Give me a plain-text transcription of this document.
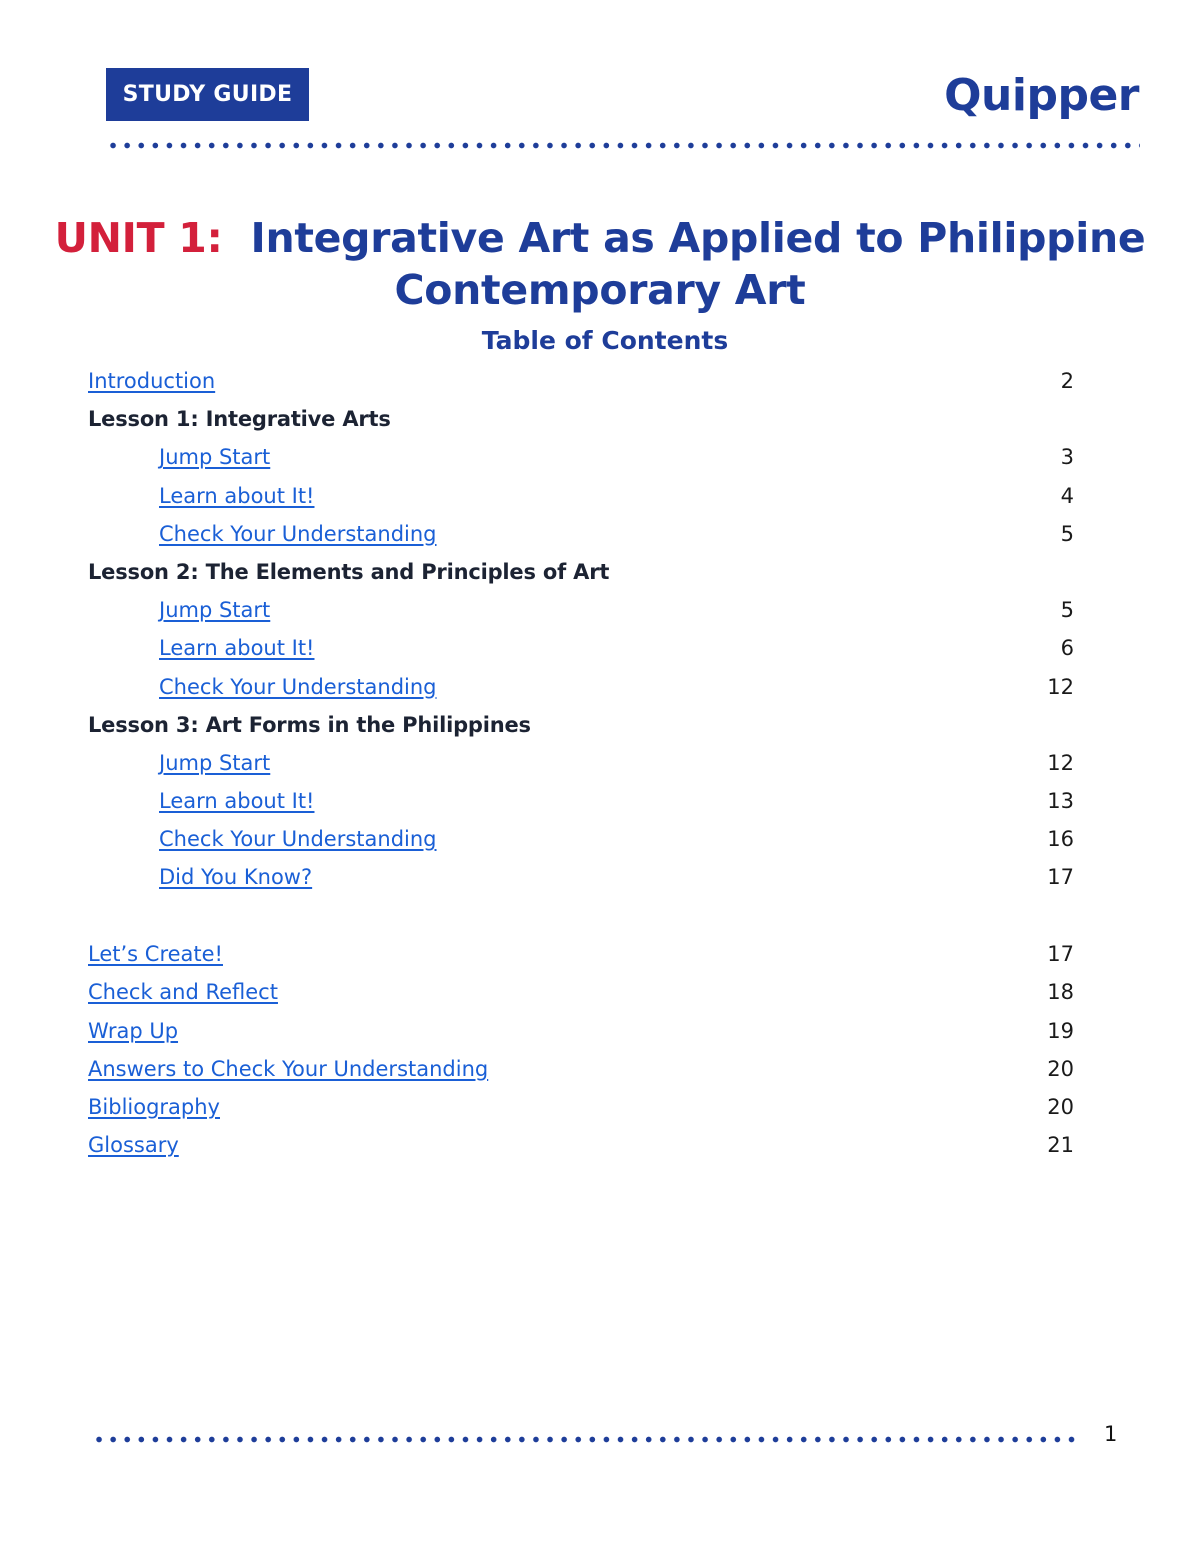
STUDY GUIDE	Quipper
UNIT 1: Integrative Art as Applied to Philippine
Contemporary Art
Table of Contents
Introduction	2
Lesson 1: Integrative Arts
Jump Start	3
Learn about It!	4
Check Your Understanding	5
Lesson 2: The Elements and Principles of Art
Jump Start	5
Learn about It!	6
Check Your Understanding	12
Lesson 3: Art Forms in the Philippines
Jump Start	12
Learn about It!	13
Check Your Understanding	16
Did You Know?	17
Let’s Create!	17
Check and Reflect	18
Wrap Up	19
Answers to Check Your Understanding	20
Bibliography	20
Glossary	21
1
